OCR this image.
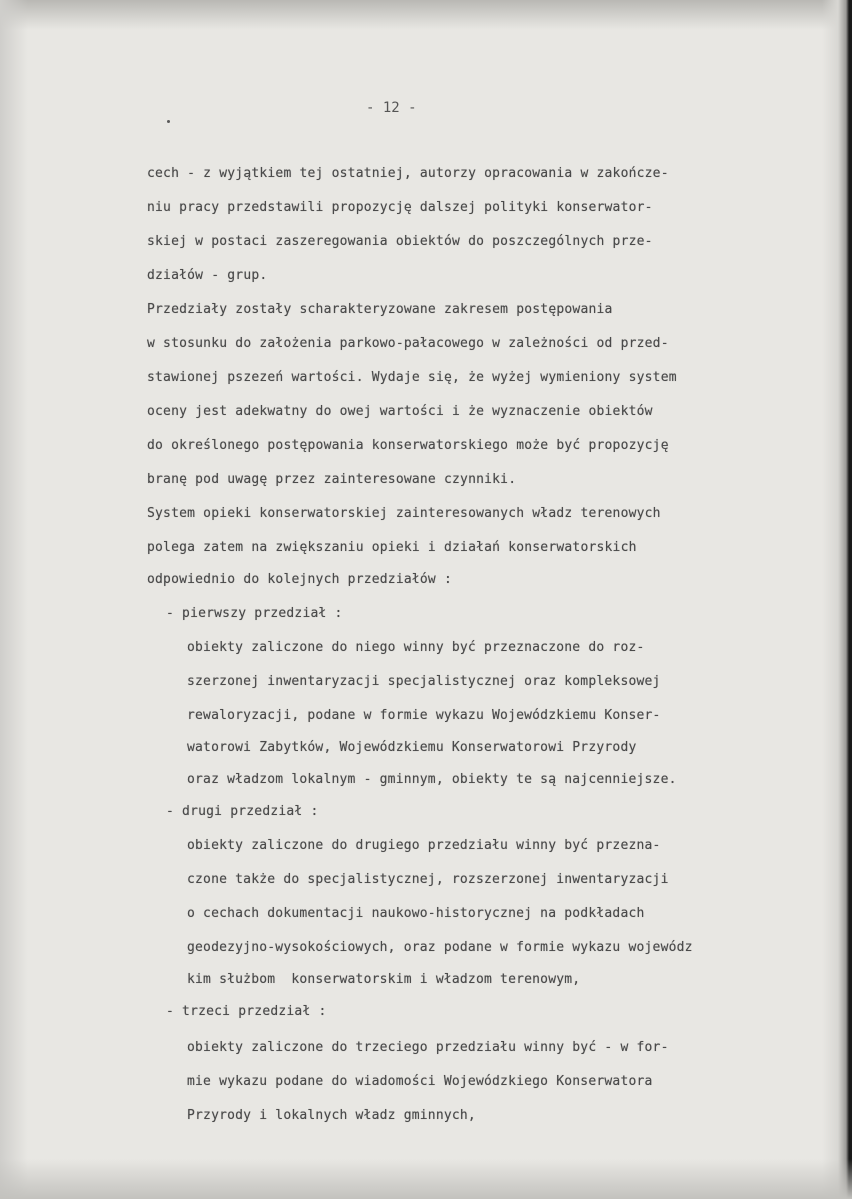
- 12 -
cech - z wyjątkiem tej ostatniej, autorzy opracowania w zakończe-
niu pracy przedstawili propozycję dalszej polityki konserwator-
skiej w postaci zaszeregowania obiektów do poszczególnych prze-
działów - grup.
Przedziały zostały scharakteryzowane zakresem postępowania
w stosunku do założenia parkowo-pałacowego w zależności od przed-
stawionej pszezeń wartości. Wydaje się, że wyżej wymieniony system
oceny jest adekwatny do owej wartości i że wyznaczenie obiektów
do określonego postępowania konserwatorskiego może być propozycję
branę pod uwagę przez zainteresowane czynniki.
System opieki konserwatorskiej zainteresowanych władz terenowych
polega zatem na zwiększaniu opieki i działań konserwatorskich
odpowiednio do kolejnych przedziałów :
- pierwszy przedział :
obiekty zaliczone do niego winny być przeznaczone do roz-
szerzonej inwentaryzacji specjalistycznej oraz kompleksowej
rewaloryzacji, podane w formie wykazu Wojewódzkiemu Konser-
watorowi Zabytków, Wojewódzkiemu Konserwatorowi Przyrody
oraz władzom lokalnym - gminnym, obiekty te są najcenniejsze.
- drugi przedział :
obiekty zaliczone do drugiego przedziału winny być przezna-
czone także do specjalistycznej, rozszerzonej inwentaryzacji
o cechach dokumentacji naukowo-historycznej na podkładach
geodezyjno-wysokościowych, oraz podane w formie wykazu wojewódz
kim służbom  konserwatorskim i władzom terenowym,
- trzeci przedział :
obiekty zaliczone do trzeciego przedziału winny być - w for-
mie wykazu podane do wiadomości Wojewódzkiego Konserwatora
Przyrody i lokalnych władz gminnych,
